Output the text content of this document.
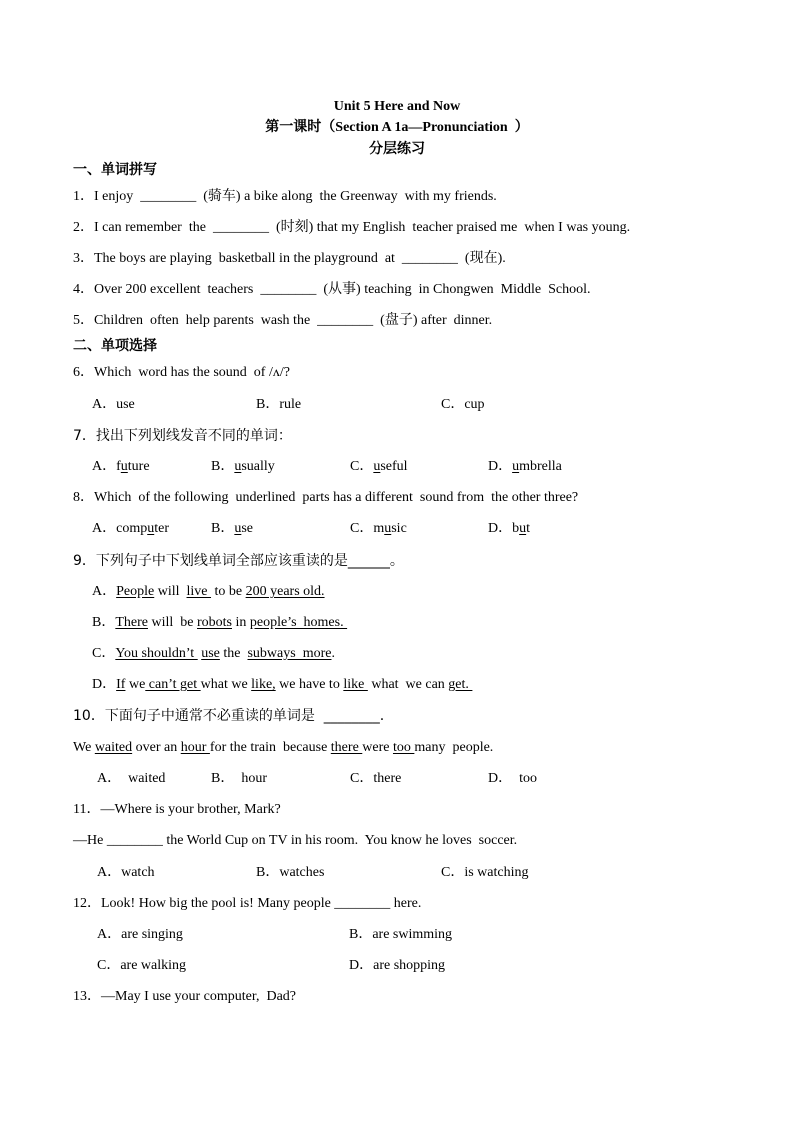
Unit 5 Here and Now
第一课时（Section A 1a—Pronunciation  ）
分层练习
一、单词拼写
1．I enjoy  ________  (骑车) a bike along  the Greenway  with my friends.
2．I can remember  the  ________  (时刻) that my English  teacher praised me  when I was young.
3．The boys are playing  basketball in the playground  at  ________  (现在).
4．Over 200 excellent  teachers  ________  (从事) teaching  in Chongwen  Middle  School.
5．Children  often  help parents  wash the  ________  (盘子) after  dinner.
二、单项选择
6．Which  word has the sound  of /ʌ/?
A．use	B．rule	C．cup
7．找出下列划线发音不同的单词：
A．future	B．usually	C．useful	D．umbrella
8．Which  of the following  underlined  parts has a different  sound from  the other three?
A．computer	B．use	C．music	D．but
9．下列句子中下划线单词全部应该重读的是______。
A．People will  live  to be 200 years old.
B．There will  be robots in people’s  homes.
C．You shouldn’t  use the  subways  more.
D．If we can’t get what we like, we have to like  what  we can get.
10．下面句子中通常不必重读的单词是  ________.
We waited over an hour for the train  because there were too many  people.
A．  waited	B．  hour	C．there	D．  too
11．—Where is your brother, Mark?
—He ________ the World Cup on TV in his room.  You know he loves  soccer.
A．watch	B．watches	C．is watching
12．Look! How big the pool is! Many people ________ here.
A．are singing	B．are swimming
C．are walking	D．are shopping
13．—May I use your computer,  Dad?
